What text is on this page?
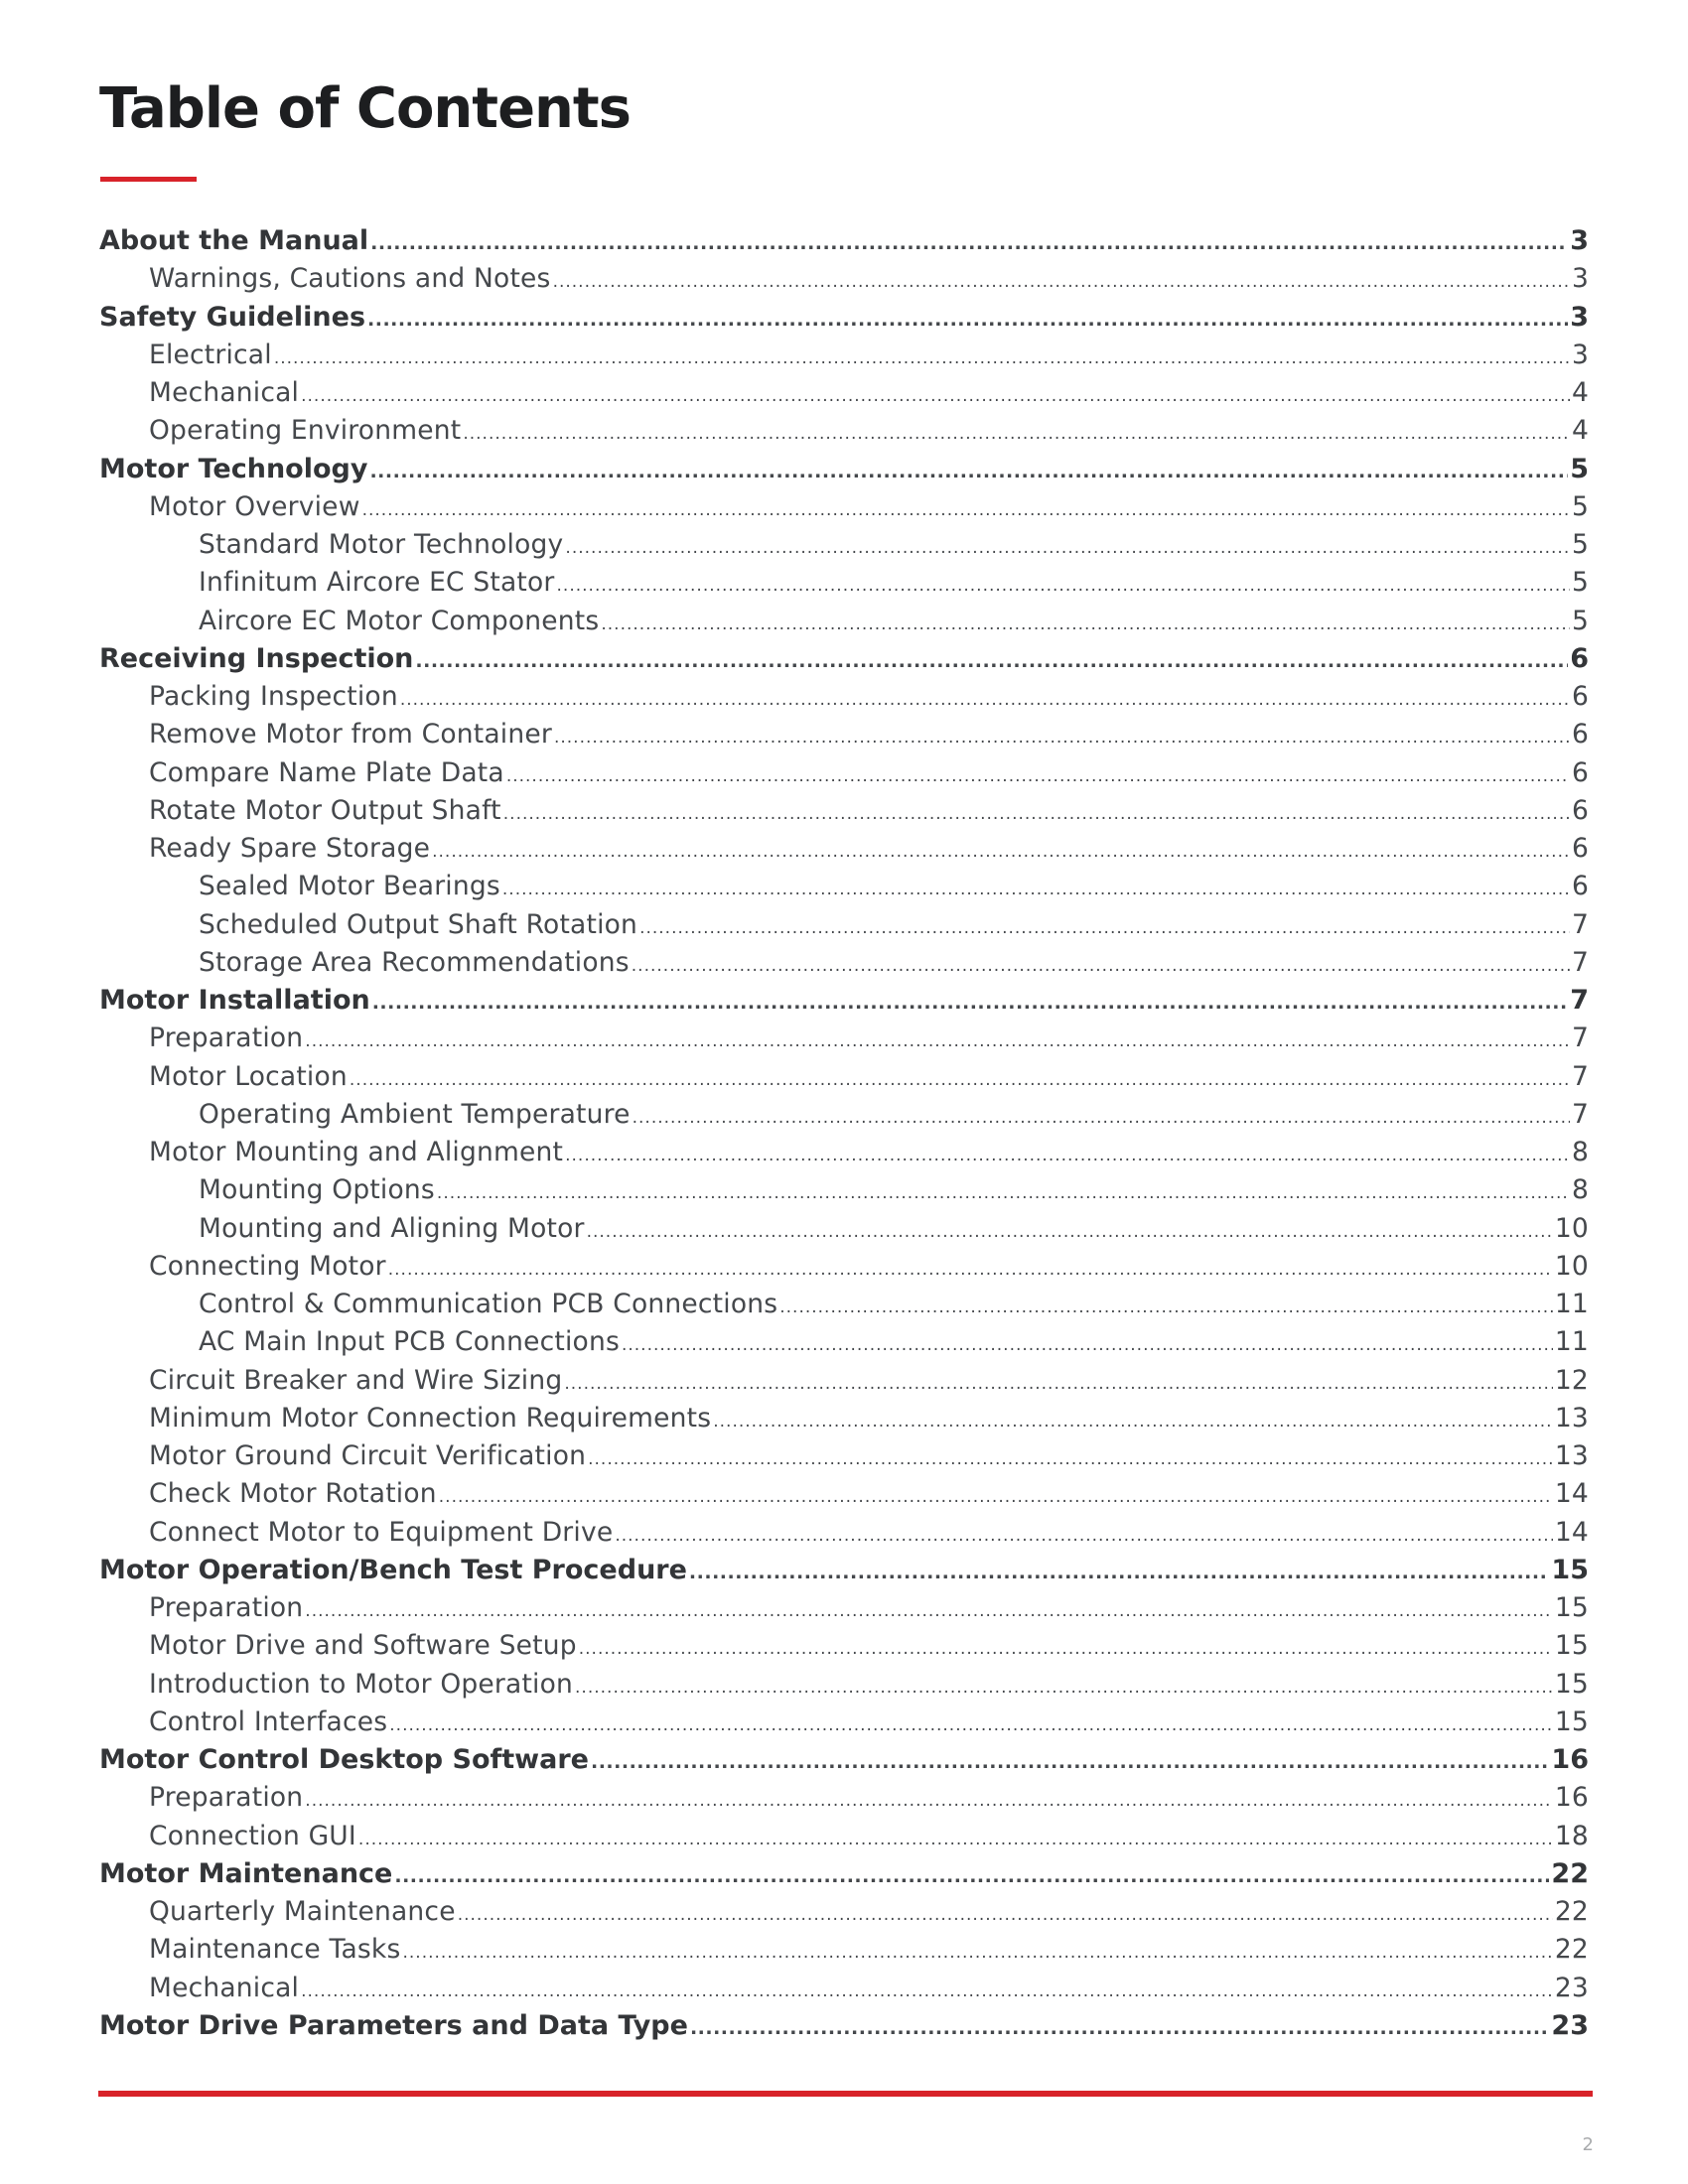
Table of Contents
About the Manual .....	3
Warnings, Cautions and Notes .....	3
Safety Guidelines .....	3
Electrical .....	3
Mechanical .....	4
Operating Environment .....	4
Motor Technology .....	5
Motor Overview .....	5
Standard Motor Technology .....	5
Infinitum Aircore EC Stator .....	5
Aircore EC Motor Components .....	5
Receiving Inspection .....	6
Packing Inspection .....	6
Remove Motor from Container .....	6
Compare Name Plate Data .....	6
Rotate Motor Output Shaft .....	6
Ready Spare Storage .....	6
Sealed Motor Bearings .....	6
Scheduled Output Shaft Rotation .....	7
Storage Area Recommendations .....	7
Motor Installation .....	7
Preparation .....	7
Motor Location .....	7
Operating Ambient Temperature .....	7
Motor Mounting and Alignment .....	8
Mounting Options .....	8
Mounting and Aligning Motor .....	10
Connecting Motor .....	10
Control & Communication PCB Connections .....	11
AC Main Input PCB Connections .....	11
Circuit Breaker and Wire Sizing .....	12
Minimum Motor Connection Requirements .....	13
Motor Ground Circuit Verification .....	13
Check Motor Rotation .....	14
Connect Motor to Equipment Drive .....	14
Motor Operation/Bench Test Procedure .....	15
Preparation .....	15
Motor Drive and Software Setup .....	15
Introduction to Motor Operation .....	15
Control Interfaces .....	15
Motor Control Desktop Software .....	16
Preparation .....	16
Connection GUI .....	18
Motor Maintenance .....	22
Quarterly Maintenance .....	22
Maintenance Tasks .....	22
Mechanical .....	23
Motor Drive Parameters and Data Type .....	23
2
